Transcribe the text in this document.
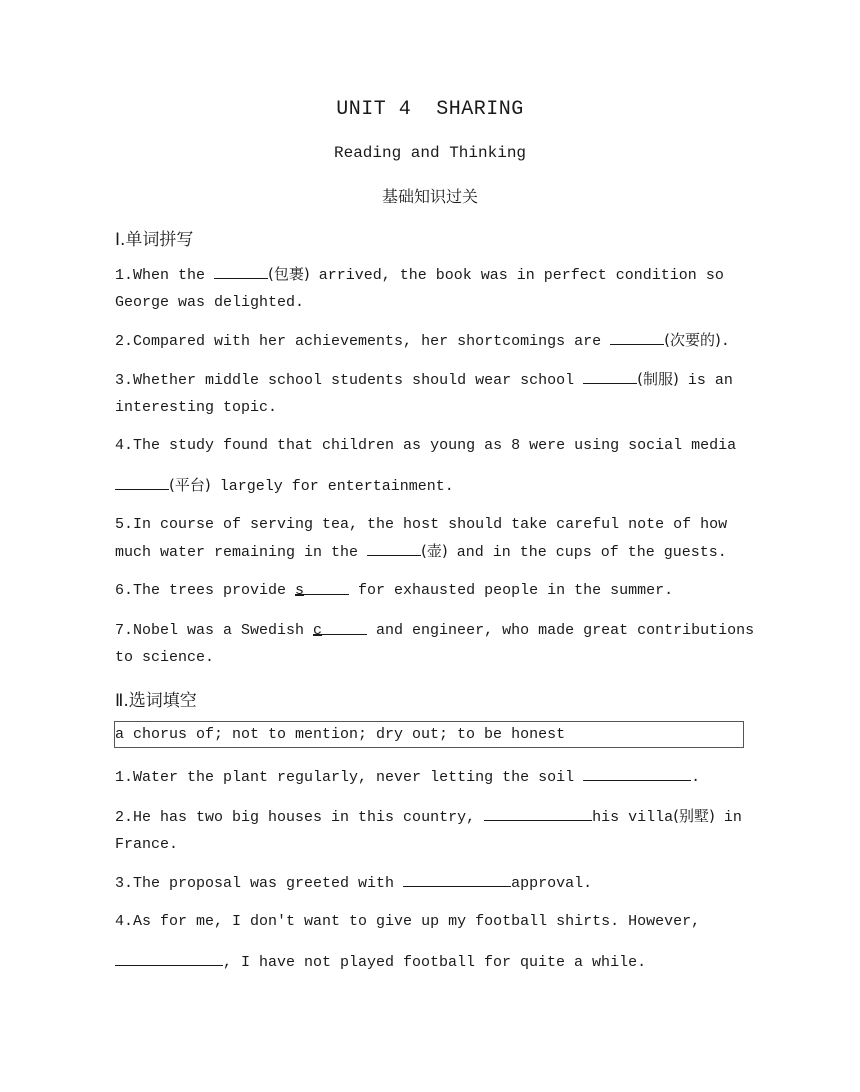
UNIT 4  SHARING
Reading and Thinking
基础知识过关
Ⅰ.单词拼写
1.When the	(包裹) arrived, the book was in perfect condition so George was delighted.
2.Compared with her achievements, her shortcomings are	(次要的).
3.Whether middle school students should wear school	(制服) is an interesting topic.
4.The study found that children as young as 8 were using social media
(平台) largely for entertainment.
5.In course of serving tea, the host should take careful note of how much water remaining in the	(壶) and in the cups of the guests.
6.The trees provide s	for exhausted people in the summer.
7.Nobel was a Swedish c	and engineer, who made great contributions to science.
Ⅱ.选词填空
a chorus of; not to mention; dry out; to be honest
1.Water the plant regularly, never letting the soil	.
2.He has two big houses in this country,	his villa(别墅) in France.
3.The proposal was greeted with	approval.
4.As for me, I don't want to give up my football shirts. However,
, I have not played football for quite a while.
